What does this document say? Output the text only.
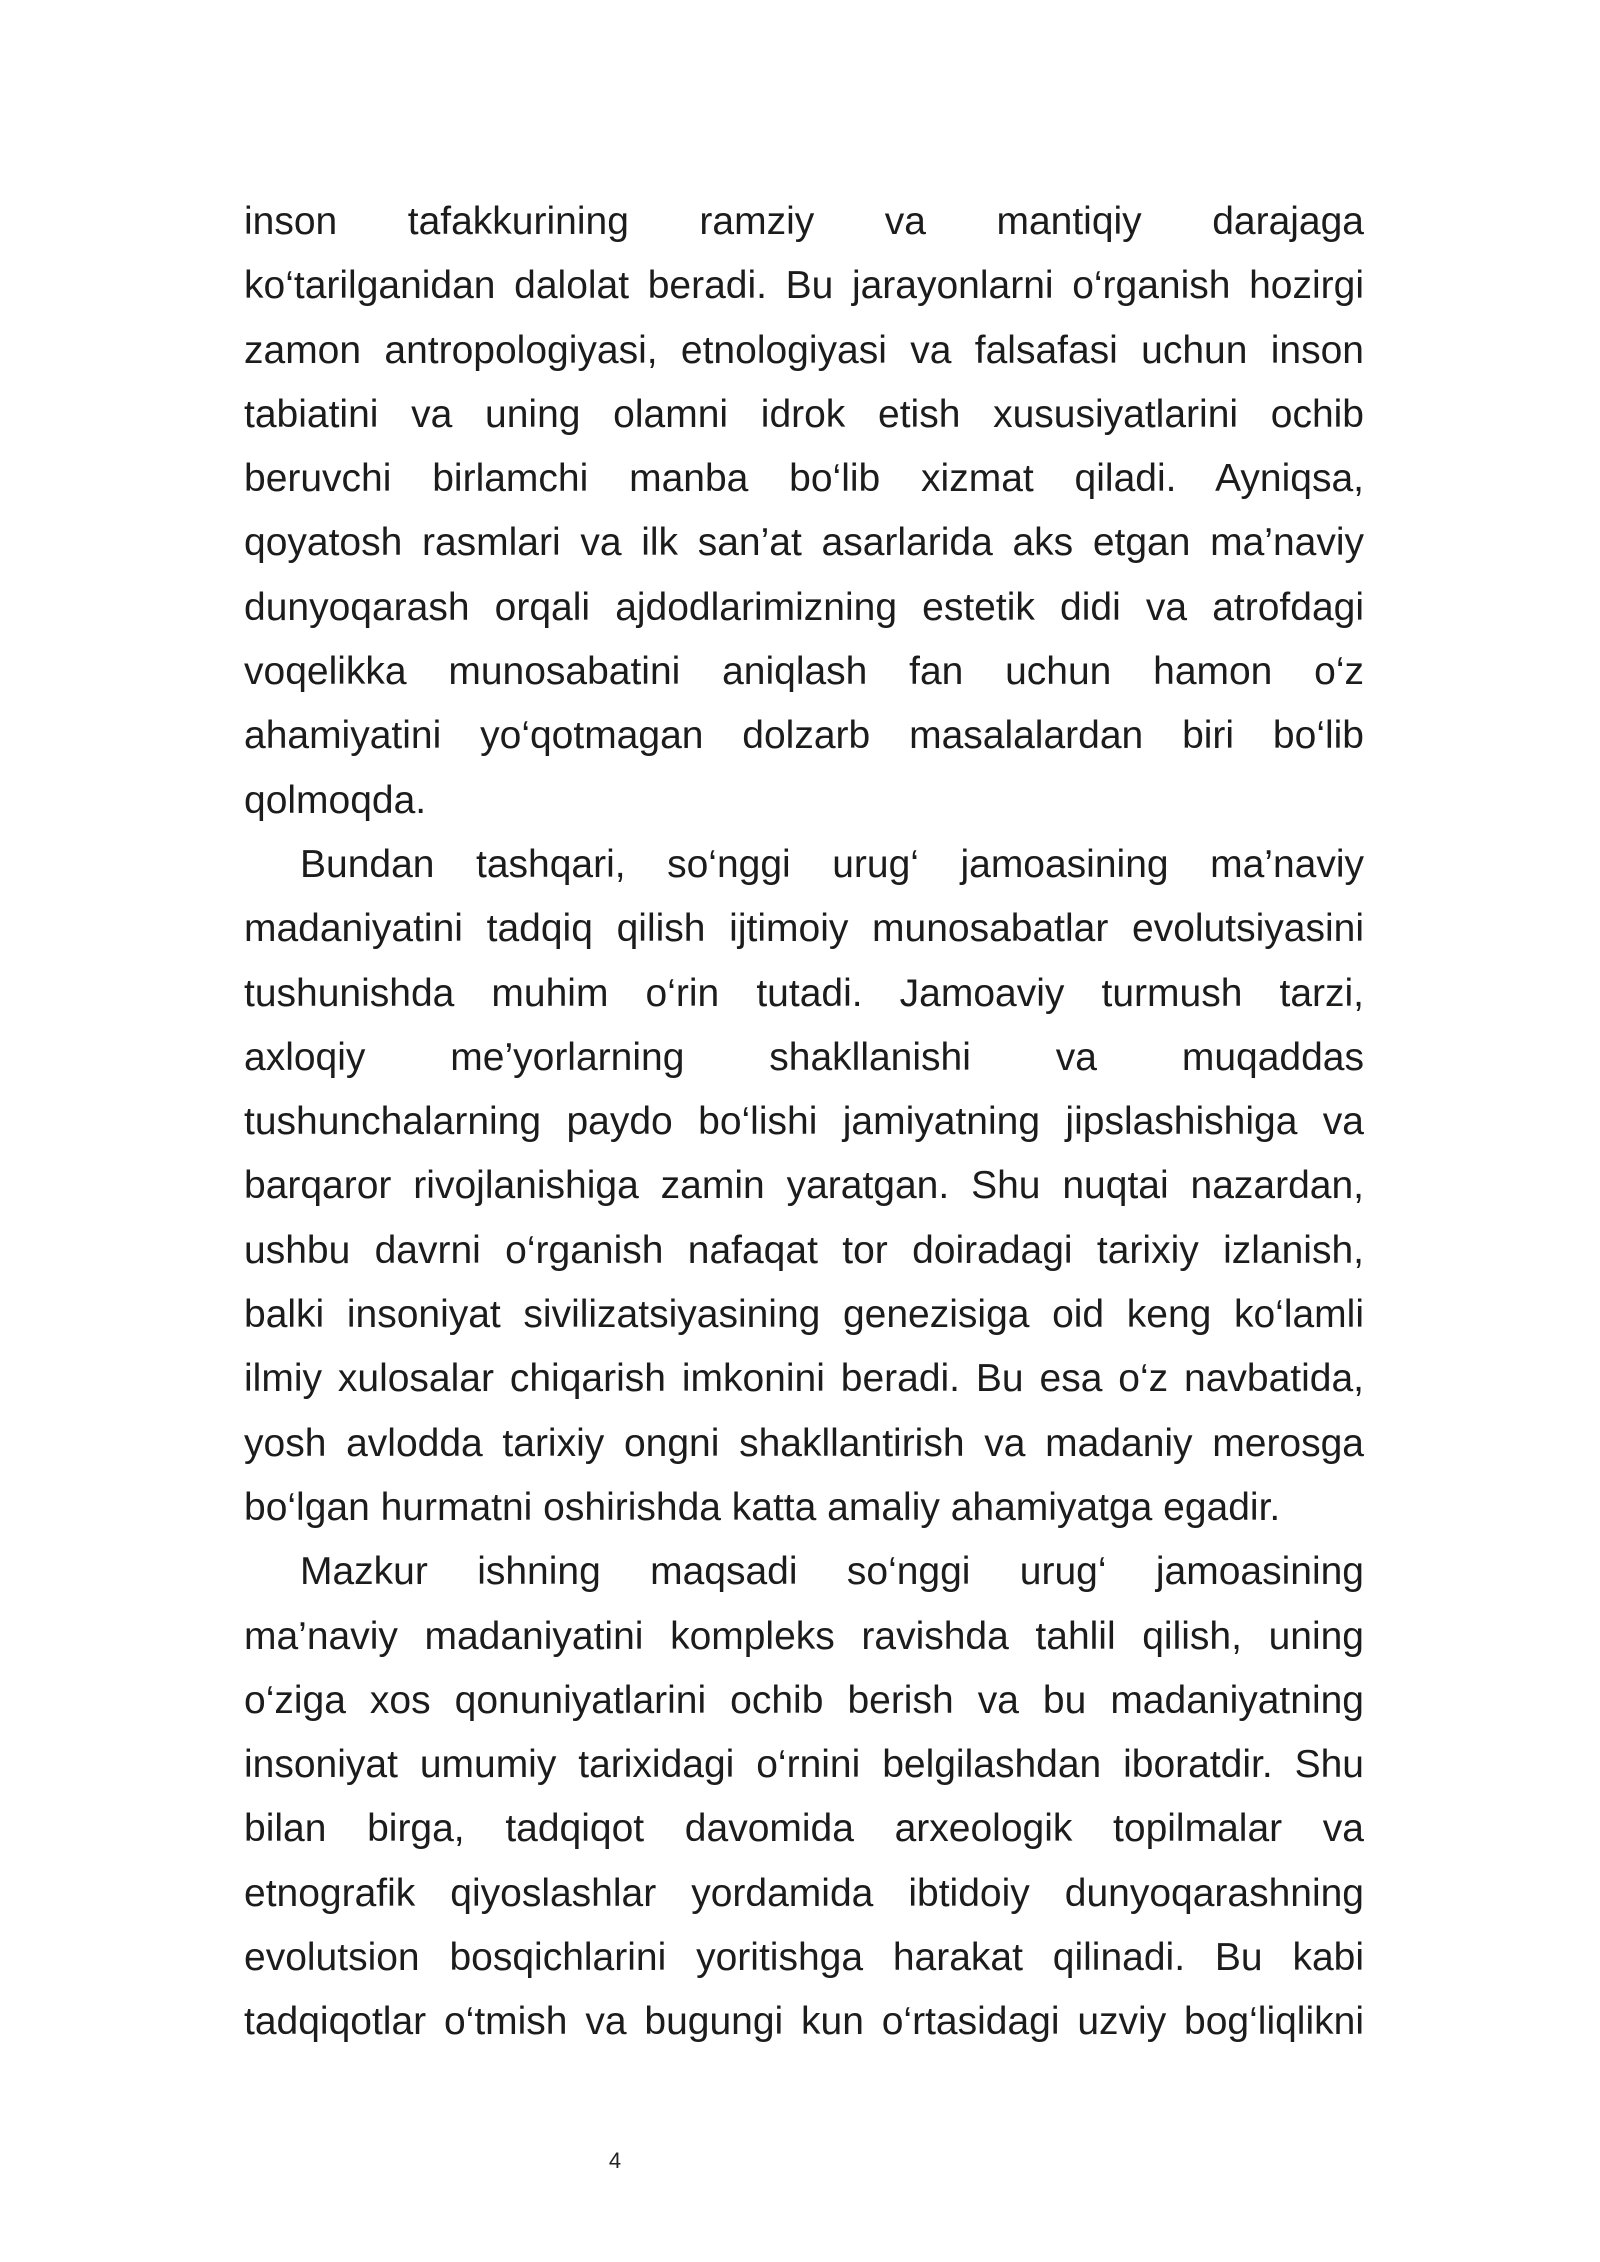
inson tafakkurining ramziy va mantiqiy darajaga
ko‘tarilganidan dalolat beradi. Bu jarayonlarni o‘rganish hozirgi
zamon antropologiyasi, etnologiyasi va falsafasi uchun inson
tabiatini va uning olamni idrok etish xususiyatlarini ochib
beruvchi birlamchi manba bo‘lib xizmat qiladi. Ayniqsa,
qoyatosh rasmlari va ilk san’at asarlarida aks etgan ma’naviy
dunyoqarash orqali ajdodlarimizning estetik didi va atrofdagi
voqelikka munosabatini aniqlash fan uchun hamon o‘z
ahamiyatini yo‘qotmagan dolzarb masalalardan biri bo‘lib
qolmoqda.
Bundan tashqari, so‘nggi urug‘ jamoasining ma’naviy
madaniyatini tadqiq qilish ijtimoiy munosabatlar evolutsiyasini
tushunishda muhim o‘rin tutadi. Jamoaviy turmush tarzi,
axloqiy me’yorlarning shakllanishi va muqaddas
tushunchalarning paydo bo‘lishi jamiyatning jipslashishiga va
barqaror rivojlanishiga zamin yaratgan. Shu nuqtai nazardan,
ushbu davrni o‘rganish nafaqat tor doiradagi tarixiy izlanish,
balki insoniyat sivilizatsiyasining genezisiga oid keng ko‘lamli
ilmiy xulosalar chiqarish imkonini beradi. Bu esa o‘z navbatida,
yosh avlodda tarixiy ongni shakllantirish va madaniy merosga
bo‘lgan hurmatni oshirishda katta amaliy ahamiyatga egadir.
Mazkur ishning maqsadi so‘nggi urug‘ jamoasining
ma’naviy madaniyatini kompleks ravishda tahlil qilish, uning
o‘ziga xos qonuniyatlarini ochib berish va bu madaniyatning
insoniyat umumiy tarixidagi o‘rnini belgilashdan iboratdir. Shu
bilan birga, tadqiqot davomida arxeologik topilmalar va
etnografik qiyoslashlar yordamida ibtidoiy dunyoqarashning
evolutsion bosqichlarini yoritishga harakat qilinadi. Bu kabi
tadqiqotlar o‘tmish va bugungi kun o‘rtasidagi uzviy bog‘liqlikni
4
